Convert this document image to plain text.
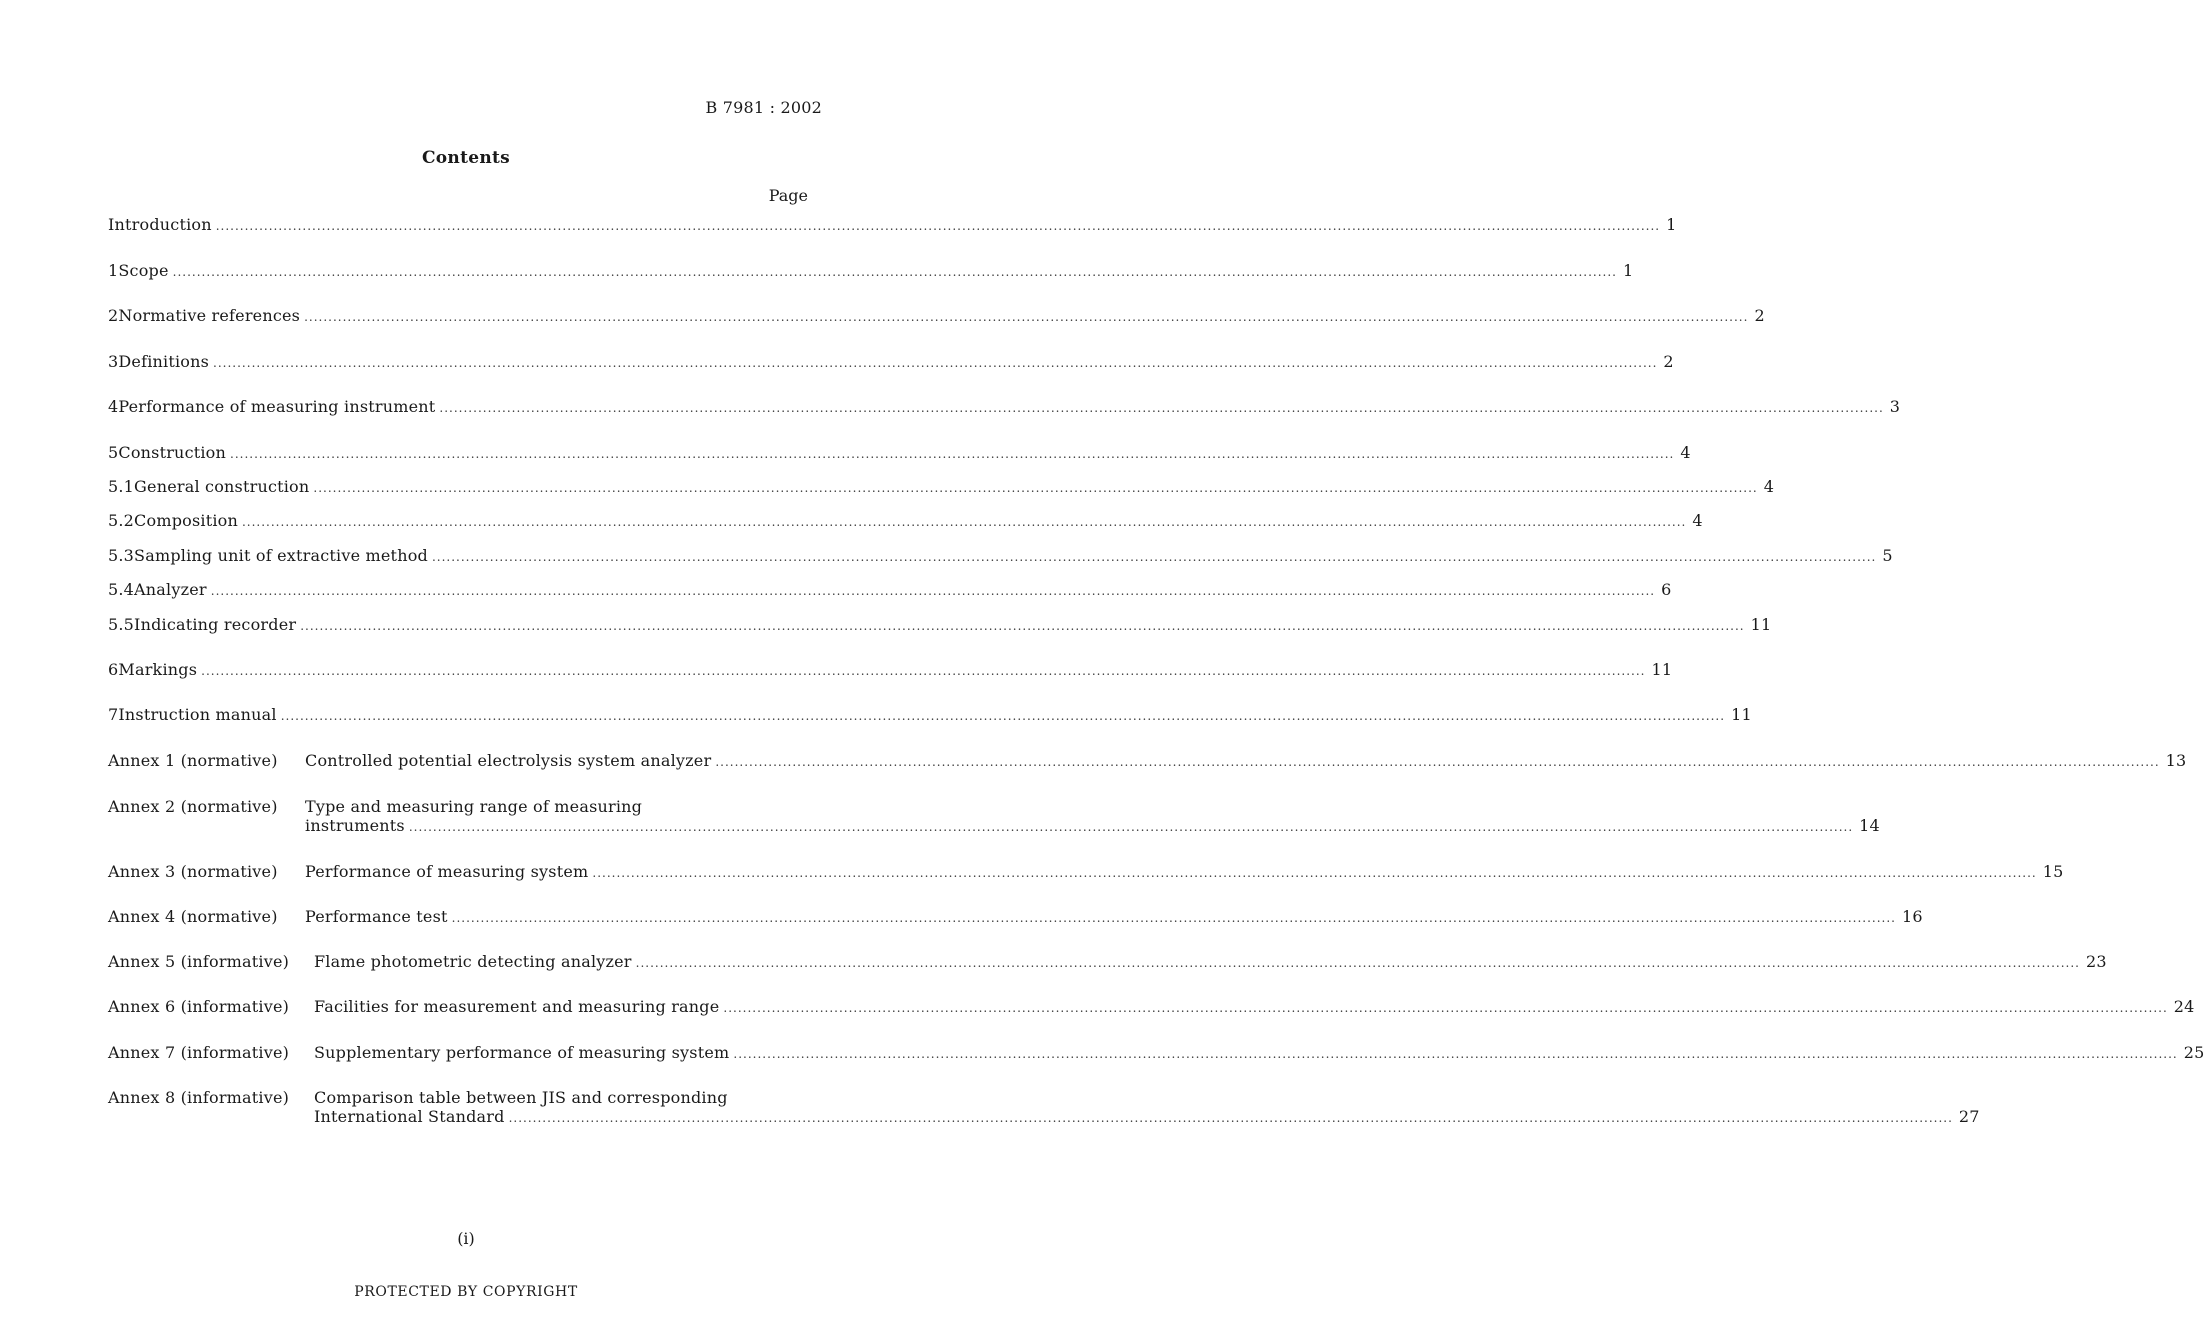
B 7981 : 2002
Contents
Page
Introduction ............................................................................................................................................................................................................................................................................................................ 1
1 Scope ............................................................................................................................................................................................................................................................................................................ 1
2 Normative references ............................................................................................................................................................................................................................................................................................................ 2
3 Definitions ............................................................................................................................................................................................................................................................................................................ 2
4 Performance of measuring instrument ............................................................................................................................................................................................................................................................................................................ 3
5 Construction ............................................................................................................................................................................................................................................................................................................ 4
5.1 General construction ............................................................................................................................................................................................................................................................................................................ 4
5.2 Composition ............................................................................................................................................................................................................................................................................................................ 4
5.3 Sampling unit of extractive method ............................................................................................................................................................................................................................................................................................................ 5
5.4 Analyzer ............................................................................................................................................................................................................................................................................................................ 6
5.5 Indicating recorder ............................................................................................................................................................................................................................................................................................................ 11
6 Markings ............................................................................................................................................................................................................................................................................................................ 11
7 Instruction manual ............................................................................................................................................................................................................................................................................................................ 11
Annex 1 (normative) Controlled potential electrolysis system analyzer ............................................................................................................................................................................................................................................................................................................ 13
Annex 2 (normative) Type and measuring range of measuring
instruments ............................................................................................................................................................................................................................................................................................................ 14
Annex 3 (normative) Performance of measuring system ............................................................................................................................................................................................................................................................................................................ 15
Annex 4 (normative) Performance test ............................................................................................................................................................................................................................................................................................................ 16
Annex 5 (informative) Flame photometric detecting analyzer ............................................................................................................................................................................................................................................................................................................ 23
Annex 6 (informative) Facilities for measurement and measuring range ............................................................................................................................................................................................................................................................................................................ 24
Annex 7 (informative) Supplementary performance of measuring system ............................................................................................................................................................................................................................................................................................................ 25
Annex 8 (informative) Comparison table between JIS and corresponding
International Standard ............................................................................................................................................................................................................................................................................................................ 27
(i)
PROTECTED BY COPYRIGHT
